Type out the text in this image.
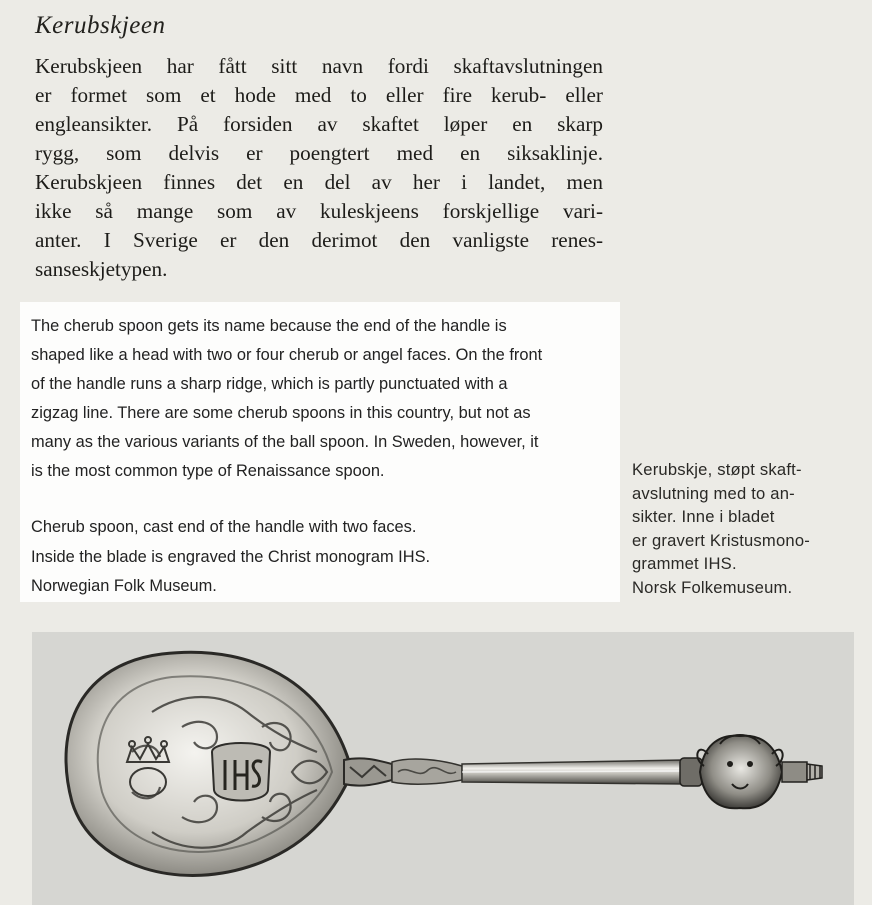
Kerubskjeen
Kerubskjeen har fått sitt navn fordi skaftavslutningen
er formet som et hode med to eller fire kerub- eller
engleansikter. På forsiden av skaftet løper en skarp
rygg, som delvis er poengtert med en siksaklinje.
Kerubskjeen finnes det en del av her i landet, men
ikke så mange som av kuleskjeens forskjellige vari-
anter. I Sverige er den derimot den vanligste renes-
sanseskjetypen.
The cherub spoon gets its name because the end of the handle is
shaped like a head with two or four cherub or angel faces. On the front
of the handle runs a sharp ridge, which is partly punctuated with a
zigzag line. There are some cherub spoons in this country, but not as
many as the various variants of the ball spoon. In Sweden, however, it
is the most common type of Renaissance spoon.
Cherub spoon, cast end of the handle with two faces.
Inside the blade is engraved the Christ monogram IHS.
Norwegian Folk Museum.
Kerubskje, støpt skaft-
avslutning med to an-
sikter. Inne i bladet
er gravert Kristusmono-
grammet IHS.
Norsk Folkemuseum.
